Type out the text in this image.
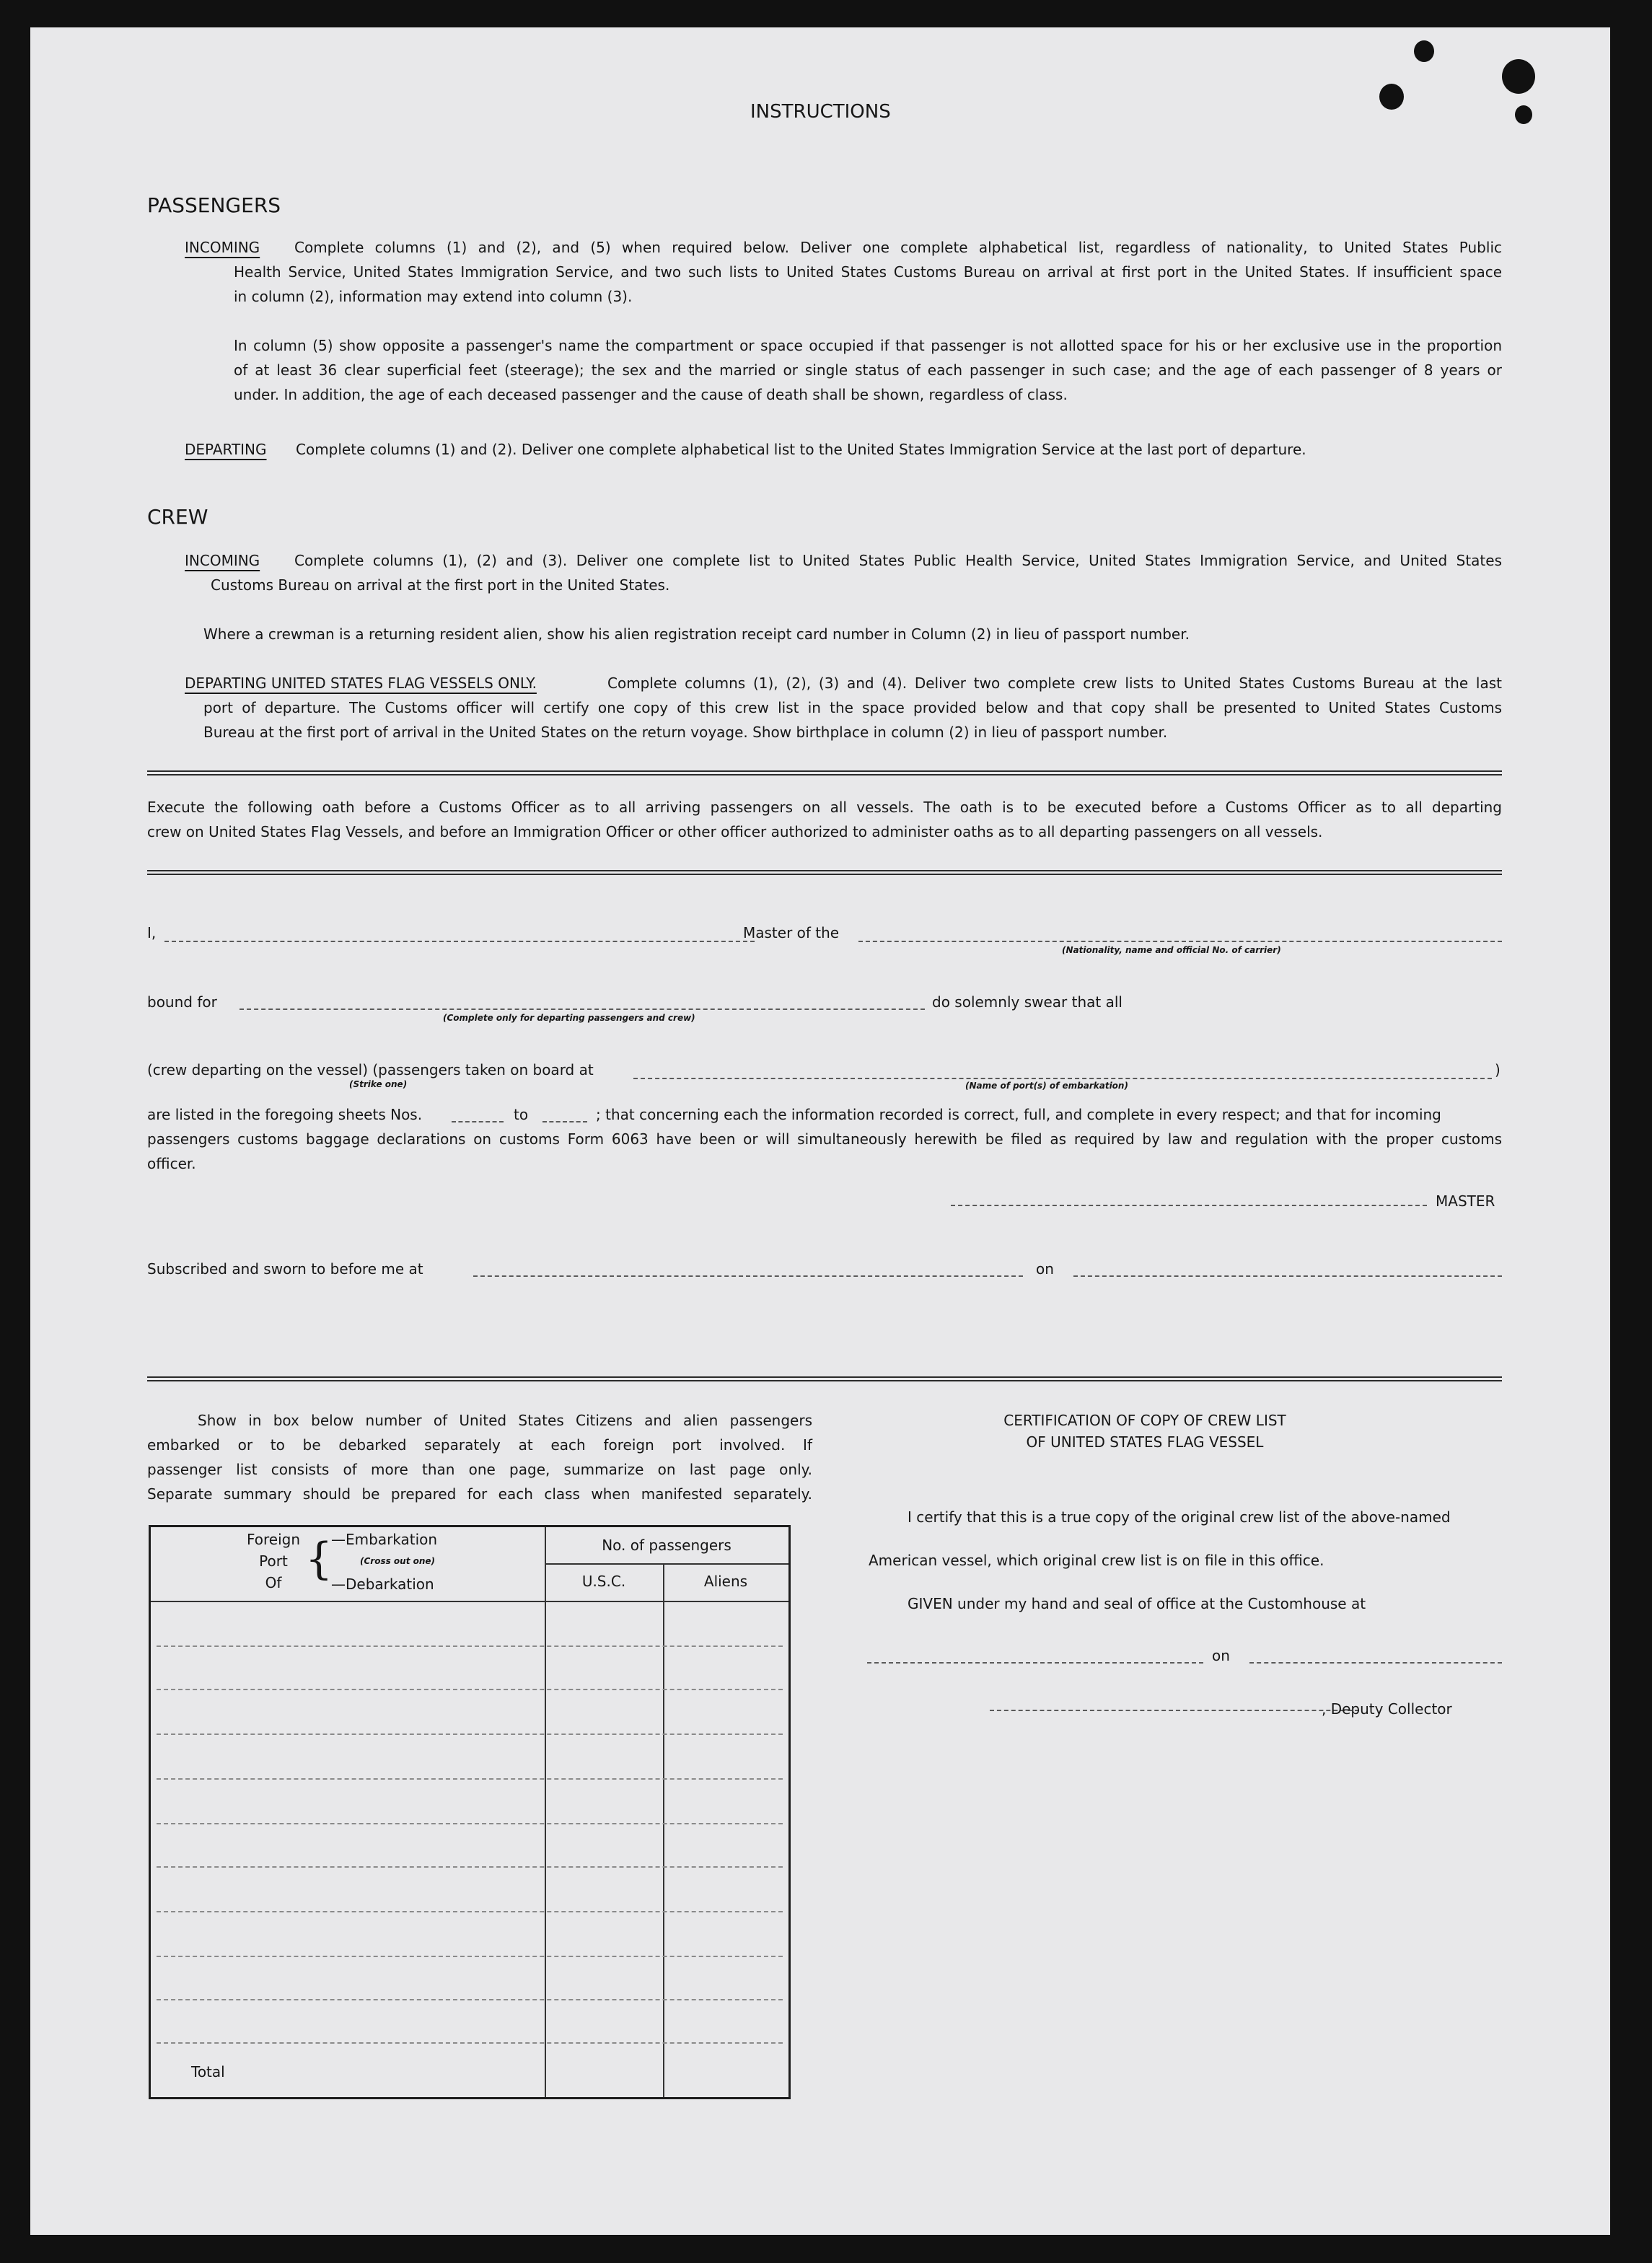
INSTRUCTIONS
PASSENGERS
INCOMING	Complete columns (1) and (2), and (5) when required below. Deliver one complete alphabetical list, regardless of nationality, to United States Public
Health Service, United States Immigration Service, and two such lists to United States Customs Bureau on arrival at first port in the United States. If insufficient space
in column (2), information may extend into column (3).
In column (5) show opposite a passenger's name the compartment or space occupied if that passenger is not allotted space for his or her exclusive use in the proportion
of at least 36 clear superficial feet (steerage); the sex and the married or single status of each passenger in such case; and the age of each passenger of 8 years or
under. In addition, the age of each deceased passenger and the cause of death shall be shown, regardless of class.
DEPARTING Complete columns (1) and (2). Deliver one complete alphabetical list to the United States Immigration Service at the last port of departure.
CREW
INCOMING	Complete columns (1), (2) and (3). Deliver one complete list to United States Public Health Service, United States Immigration Service, and United States
Customs Bureau on arrival at the first port in the United States.
Where a crewman is a returning resident alien, show his alien registration receipt card number in Column (2) in lieu of passport number.
DEPARTING UNITED STATES FLAG VESSELS ONLY.	Complete columns (1), (2), (3) and (4). Deliver two complete crew lists to United States Customs Bureau at the last
port of departure. The Customs officer will certify one copy of this crew list in the space provided below and that copy shall be presented to United States Customs
Bureau at the first port of arrival in the United States on the return voyage. Show birthplace in column (2) in lieu of passport number.
Execute the following oath before a Customs Officer as to all arriving passengers on all vessels. The oath is to be executed before a Customs Officer as to all departing
crew on United States Flag Vessels, and before an Immigration Officer or other officer authorized to administer oaths as to all departing passengers on all vessels.
I,	Master of the
(Nationality, name and official No. of carrier)
bound for
(Complete only for departing passengers and crew)
do solemnly swear that all
(crew departing on the vessel) (passengers taken on board at
(Strike one)	(Name of port(s) of embarkation)
)
are listed in the foregoing sheets Nos.	to	; that concerning each the information recorded is correct, full, and complete in every respect; and that for incoming
passengers customs baggage declarations on customs Form 6063 have been or will simultaneously herewith be filed as required by law and regulation with the proper customs
officer.
MASTER
Subscribed and sworn to before me at	on
Show in box below number of United States Citizens and alien passengers
embarked or to be debarked separately at each foreign port involved. If
passenger list consists of more than one page, summarize on last page only.
Separate summary should be prepared for each class when manifested separately.
Foreign
Port
Of {
—Embarkation
(Cross out one)
—Debarkation
No. of passengers
U.S.C.	Aliens
Total
CERTIFICATION OF COPY OF CREW LIST
OF UNITED STATES FLAG VESSEL
I certify that this is a true copy of the original crew list of the above-named
American vessel, which original crew list is on file in this office.
GIVEN under my hand and seal of office at the Customhouse at
on
, Deputy Collector
